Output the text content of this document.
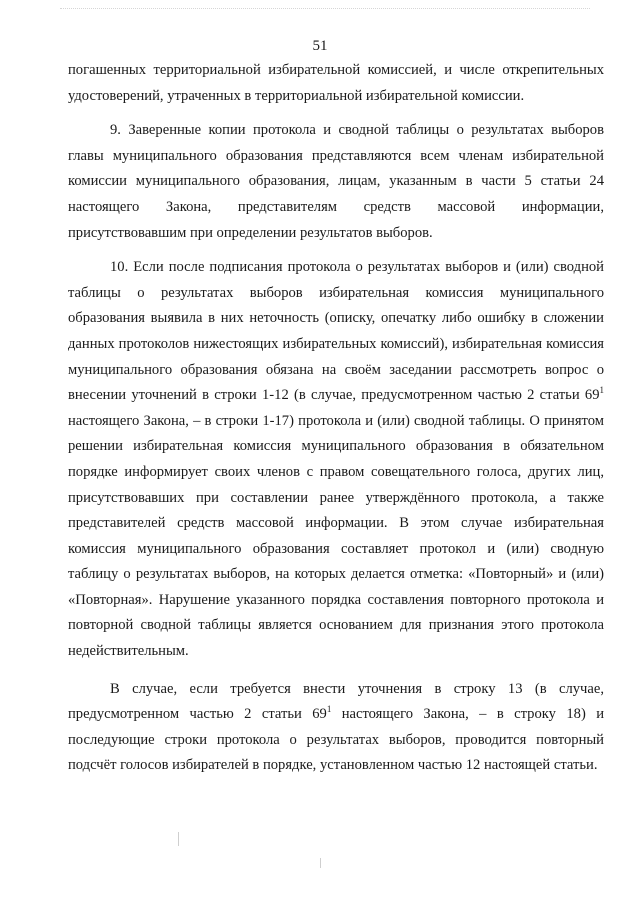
51

погашенных территориальной избирательной комиссией, и числе открепительных удостоверений, утраченных в территориальной избирательной комиссии.

9. Заверенные копии протокола и сводной таблицы о результатах выборов главы муниципального образования представляются всем членам избирательной комиссии муниципального образования, лицам, указанным в части 5 статьи 24 настоящего Закона, представителям средств массовой информации, присутствовавшим при определении результатов выборов.

10. Если после подписания протокола о результатах выборов и (или) сводной таблицы о результатах выборов избирательная комиссия муниципального образования выявила в них неточность (описку, опечатку либо ошибку в сложении данных протоколов нижестоящих избирательных комиссий), избирательная комиссия муниципального образования обязана на своём заседании рассмотреть вопрос о внесении уточнений в строки 1-12 (в случае, предусмотренном частью 2 статьи $69^1$ настоящего Закона, – в строки 1-17) протокола и (или) сводной таблицы. О принятом решении избирательная комиссия муниципального образования в обязательном порядке информирует своих членов с правом совещательного голоса, других лиц, присутствовавших при составлении ранее утверждённого протокола, а также представителей средств массовой информации. В этом случае избирательная комиссия муниципального образования составляет протокол и (или) сводную таблицу о результатах выборов, на которых делается отметка: «Повторный» и (или) «Повторная». Нарушение указанного порядка составления повторного протокола и повторной сводной таблицы является основанием для признания этого протокола недействительным.

В случае, если требуется внести уточнения в строку 13 (в случае, предусмотренном частью 2 статьи $69^1$ настоящего Закона, – в строку 18) и последующие строки протокола о результатах выборов, проводится повторный подсчёт голосов избирателей в порядке, установленном частью 12 настоящей статьи.
